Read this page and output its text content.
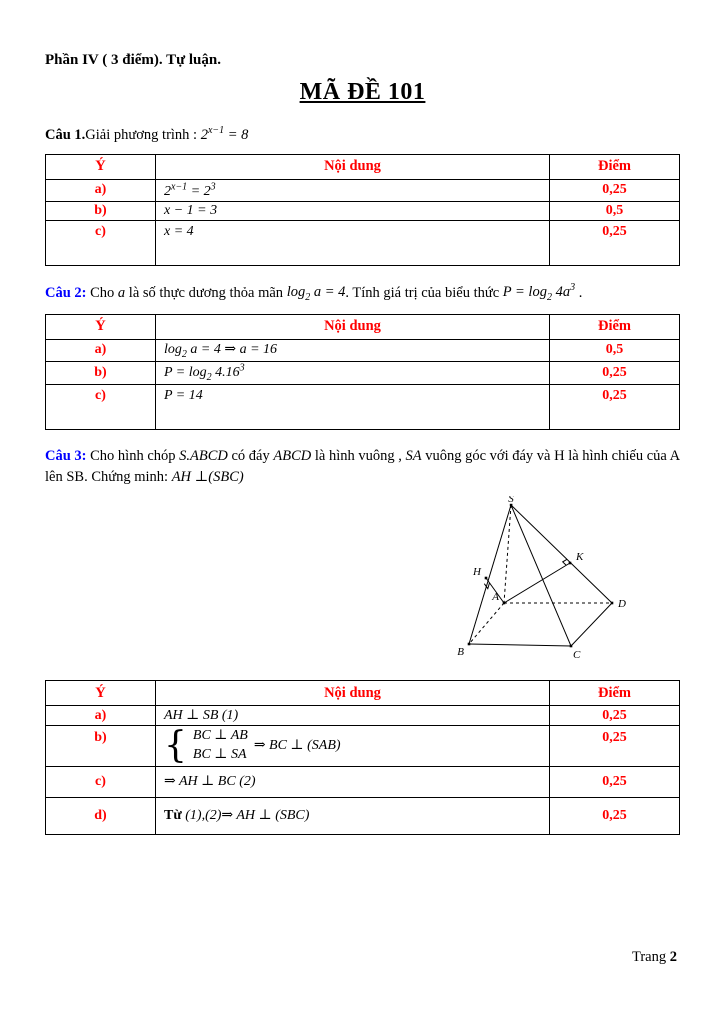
Phần IV ( 3 điểm). Tự luận.

MÃ ĐỀ 101

Câu 1.Giải phương trình : $2^{x-1} = 8$

Ý	Nội dung	Điểm
a)	$2^{x-1} = 2^3$	0,25
b)	x − 1 = 3	0,5
c)	x = 4	0,25

Câu 2: Cho a là số thực dương thỏa mãn $\log_2 a = 4$. Tính giá trị của biểu thức $P = \log_2 4a^3$ .

Ý	Nội dung	Điểm
a)	$\log_2 a = 4$ ⇒ a = 16	0,5
b)	$P = \log_2 4.16^3$	0,25
c)	P = 14	0,25

Câu 3: Cho hình chóp S.ABCD có đáy ABCD là hình vuông , SA vuông góc với đáy và H là hình chiếu của A lên SB. Chứng minh: AH ⊥(SBC)

S
H
K
A
D
B	C
Ý	Nội dung	Điểm
a)	AH ⊥ SB (1)	0,25
b)	{ BC ⊥ AB
BC ⊥ SA
⇒ BC ⊥ (SAB)	0,25
c)	⇒ AH ⊥ BC (2)	0,25
d)	Từ (1),(2)⇒ AH ⊥ (SBC)	0,25
Trang 2
